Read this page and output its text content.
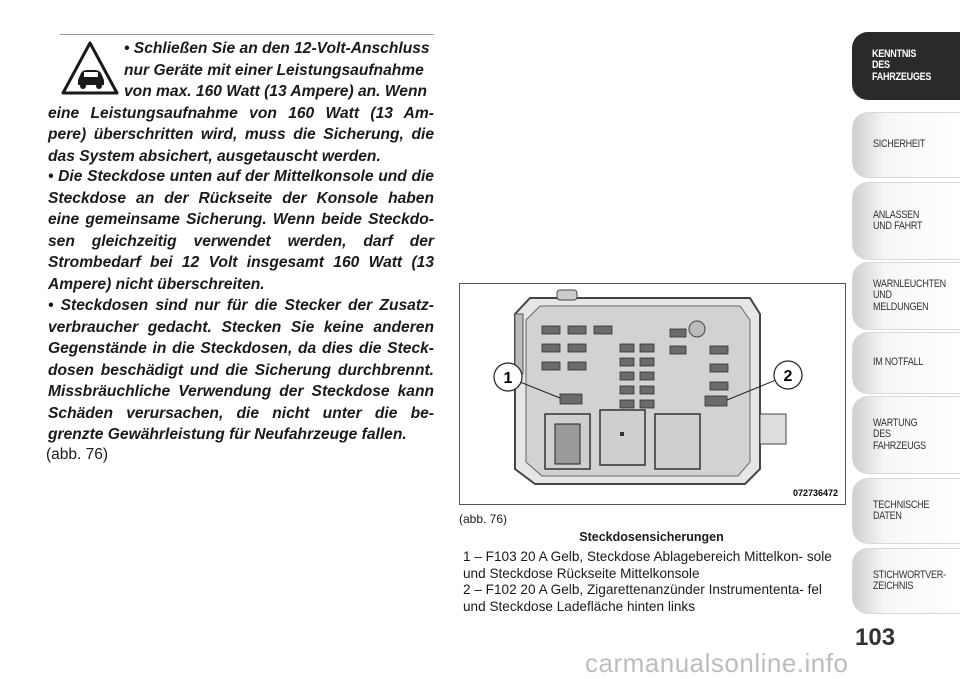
• Schließen Sie an den 12-Volt-Anschluss
nur Geräte mit einer Leistungsaufnahme
von max. 160 Watt (13 Ampere) an. Wenn
eine Leistungsaufnahme von 160 Watt (13 Am- pere) überschritten wird, muss die Sicherung, die das System absichert, ausgetauscht werden.

• Die Steckdose unten auf der Mittelkonsole und die Steckdose an der Rückseite der Konsole haben eine gemeinsame Sicherung. Wenn beide Steckdo- sen gleichzeitig verwendet werden, darf der Strombedarf bei 12 Volt insgesamt 160 Watt (13 Ampere) nicht überschreiten.

• Steckdosen sind nur für die Stecker der Zusatz- verbraucher gedacht. Stecken Sie keine anderen Gegenstände in die Steckdosen, da dies die Steck- dosen beschädigt und die Sicherung durchbrennt. Missbräuchliche Verwendung der Steckdose kann Schäden verursachen, die nicht unter die be- grenzte Gewährleistung für Neufahrzeuge fallen.

(abb. 76)
1	2
072736472
(abb. 76)
Steckdosensicherungen

1 – F103 20 A Gelb, Steckdose Ablagebereich Mittelkon- sole und Steckdose Rückseite Mittelkonsole

2 – F102 20 A Gelb, Zigarettenanzünder Instrumententa- fel und Steckdose Ladefläche hinten links

103
carmanualsonline.info
KENNTNIS
DES
FAHRZEUGES
SICHERHEIT
ANLASSEN
UND FAHRT
WARNLEUCHTEN
UND
MELDUNGEN
IM NOTFALL
WARTUNG
DES
FAHRZEUGS
TECHNISCHE
DATEN
STICHWORTVER-
ZEICHNIS
